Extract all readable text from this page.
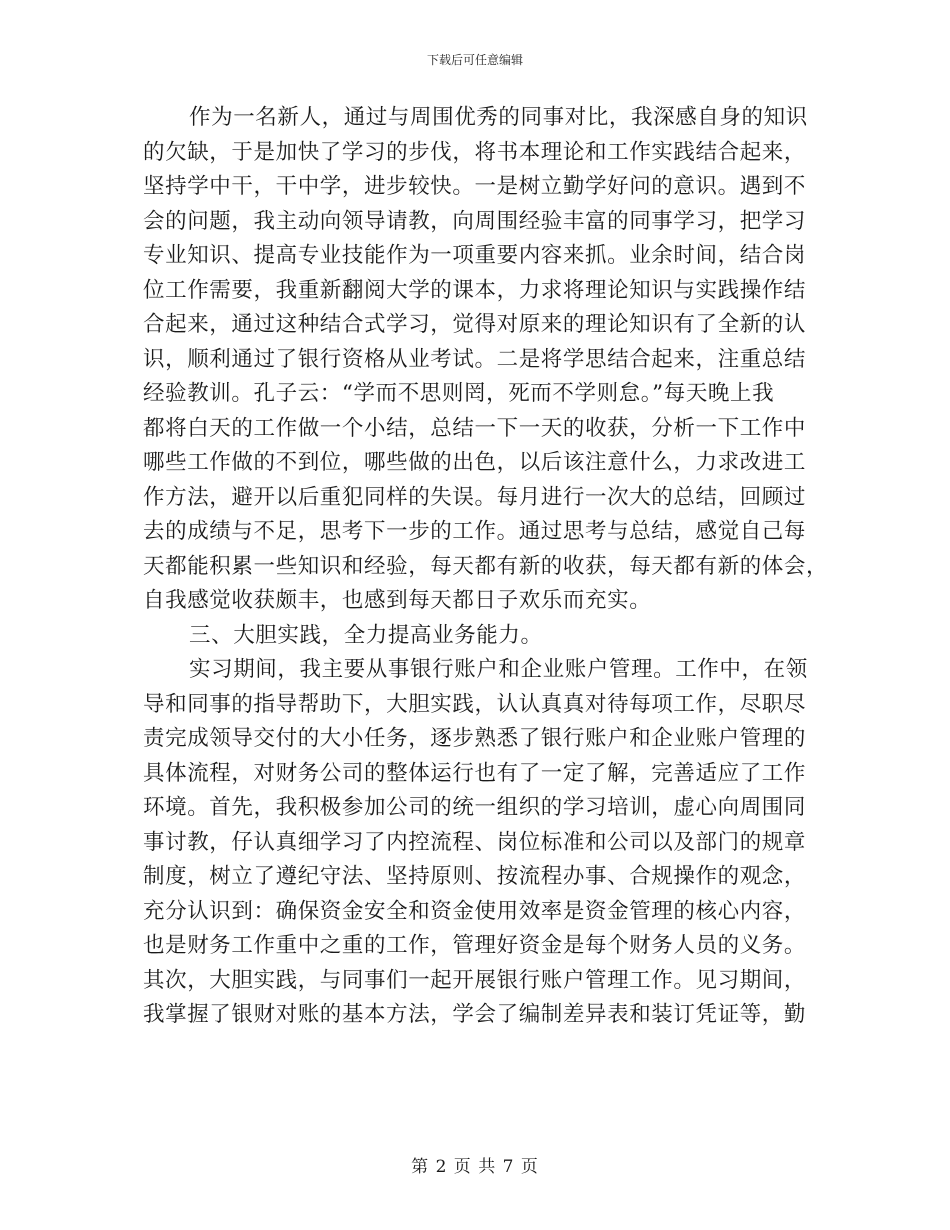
下载后可任意编辑
作为一名新人，通过与周围优秀的同事对比，我深感自身的知识
的欠缺，于是加快了学习的步伐，将书本理论和工作实践结合起来，
坚持学中干，干中学，进步较快。一是树立勤学好问的意识。遇到不
会的问题，我主动向领导请教，向周围经验丰富的同事学习，把学习
专业知识、提高专业技能作为一项重要内容来抓。业余时间，结合岗
位工作需要，我重新翻阅大学的课本，力求将理论知识与实践操作结
合起来，通过这种结合式学习，觉得对原来的理论知识有了全新的认
识，顺利通过了银行资格从业考试。二是将学思结合起来，注重总结
经验教训。孔子云：“学而不思则罔，死而不学则怠。”每天晚上我
都将白天的工作做一个小结，总结一下一天的收获，分析一下工作中
哪些工作做的不到位，哪些做的出色，以后该注意什么，力求改进工
作方法，避开以后重犯同样的失误。每月进行一次大的总结，回顾过
去的成绩与不足，思考下一步的工作。通过思考与总结，感觉自己每
天都能积累一些知识和经验，每天都有新的收获，每天都有新的体会，
自我感觉收获颇丰，也感到每天都日子欢乐而充实。
三、大胆实践，全力提高业务能力。
实习期间，我主要从事银行账户和企业账户管理。工作中，在领
导和同事的指导帮助下，大胆实践，认认真真对待每项工作，尽职尽
责完成领导交付的大小任务，逐步熟悉了银行账户和企业账户管理的
具体流程，对财务公司的整体运行也有了一定了解，完善适应了工作
环境。首先，我积极参加公司的统一组织的学习培训，虚心向周围同
事讨教，仔认真细学习了内控流程、岗位标准和公司以及部门的规章
制度，树立了遵纪守法、坚持原则、按流程办事、合规操作的观念，
充分认识到：确保资金安全和资金使用效率是资金管理的核心内容，
也是财务工作重中之重的工作，管理好资金是每个财务人员的义务。
其次，大胆实践，与同事们一起开展银行账户管理工作。见习期间，
我掌握了银财对账的基本方法，学会了编制差异表和装订凭证等，勤
第 2 页 共 7 页
